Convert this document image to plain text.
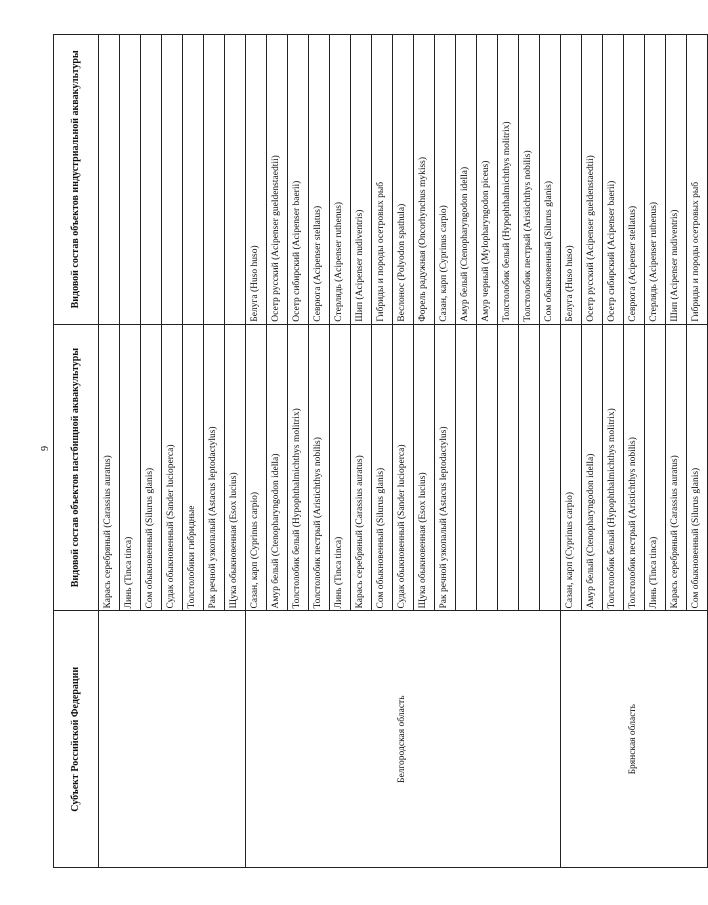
9
Субъект Российской Федерации	Видовой состав объектов пастбищной аквакультуры	Видовой состав объектов индустриальной аквакультуры
	Карась серебряный (Carassius auratus)	
	Линь (Tinca tinca)	
	Сом обыкновенный (Silurus glanis)	
	Судак обыкновенный (Sander lucioperca)	
	Толстолобики гибридные	
	Рак речной узкопалый (Astacus leptodactylus)	
	Щука обыкновенная (Esox lucius)	
Белгородская область	Сазан, карп (Cyprinus carpio)	Белуга (Huso huso)
	Амур белый (Ctenopharyngodon idella)	Осетр русский (Acipenser gueldenstaedtii)
	Толстолобик белый (Hypophthalmichthys molitrix)	Осетр сибирский (Acipenser baerii)
	Толстолобик пестрый (Aristichthys nobilis)	Севрюга (Acipenser stellatus)
	Линь (Tinca tinca)	Стерлядь (Acipenser ruthenus)
	Карась серебряный (Carassius auratus)	Шип (Acipenser nudiventris)
	Сом обыкновенный (Silurus glanis)	Гибриды и породы осетровых рыб
	Судак обыкновенный (Sander lucioperca)	Веслонос (Polyodon spathula)
	Щука обыкновенная (Esox lucius)	Форель радужная (Oncorhynchus mykiss)
	Рак речной узкопалый (Astacus leptodactylus)	Сазан, карп (Cyprinus carpio)
		Амур белый (Ctenopharyngodon idella)
		Амур черный (Mylopharyngodon piceus)
		Толстолобик белый (Hypophthalmichthys molitrix)
		Толстолобик пестрый (Aristichthys nobilis)
		Сом обыкновенный (Silurus glanis)
Брянская область	Сазан, карп (Cyprinus carpio)	Белуга (Huso huso)
	Амур белый (Ctenopharyngodon idella)	Осетр русский (Acipenser gueldenstaedtii)
	Толстолобик белый (Hypophthalmichthys molitrix)	Осетр сибирский (Acipenser baerii)
	Толстолобик пестрый (Aristichthys nobilis)	Севрюга (Acipenser stellatus)
	Линь (Tinca tinca)	Стерлядь (Acipenser ruthenus)
	Карась серебряный (Carassius auratus)	Шип (Acipenser nudiventris)
	Сом обыкновенный (Silurus glanis)	Гибриды и породы осетровых рыб
